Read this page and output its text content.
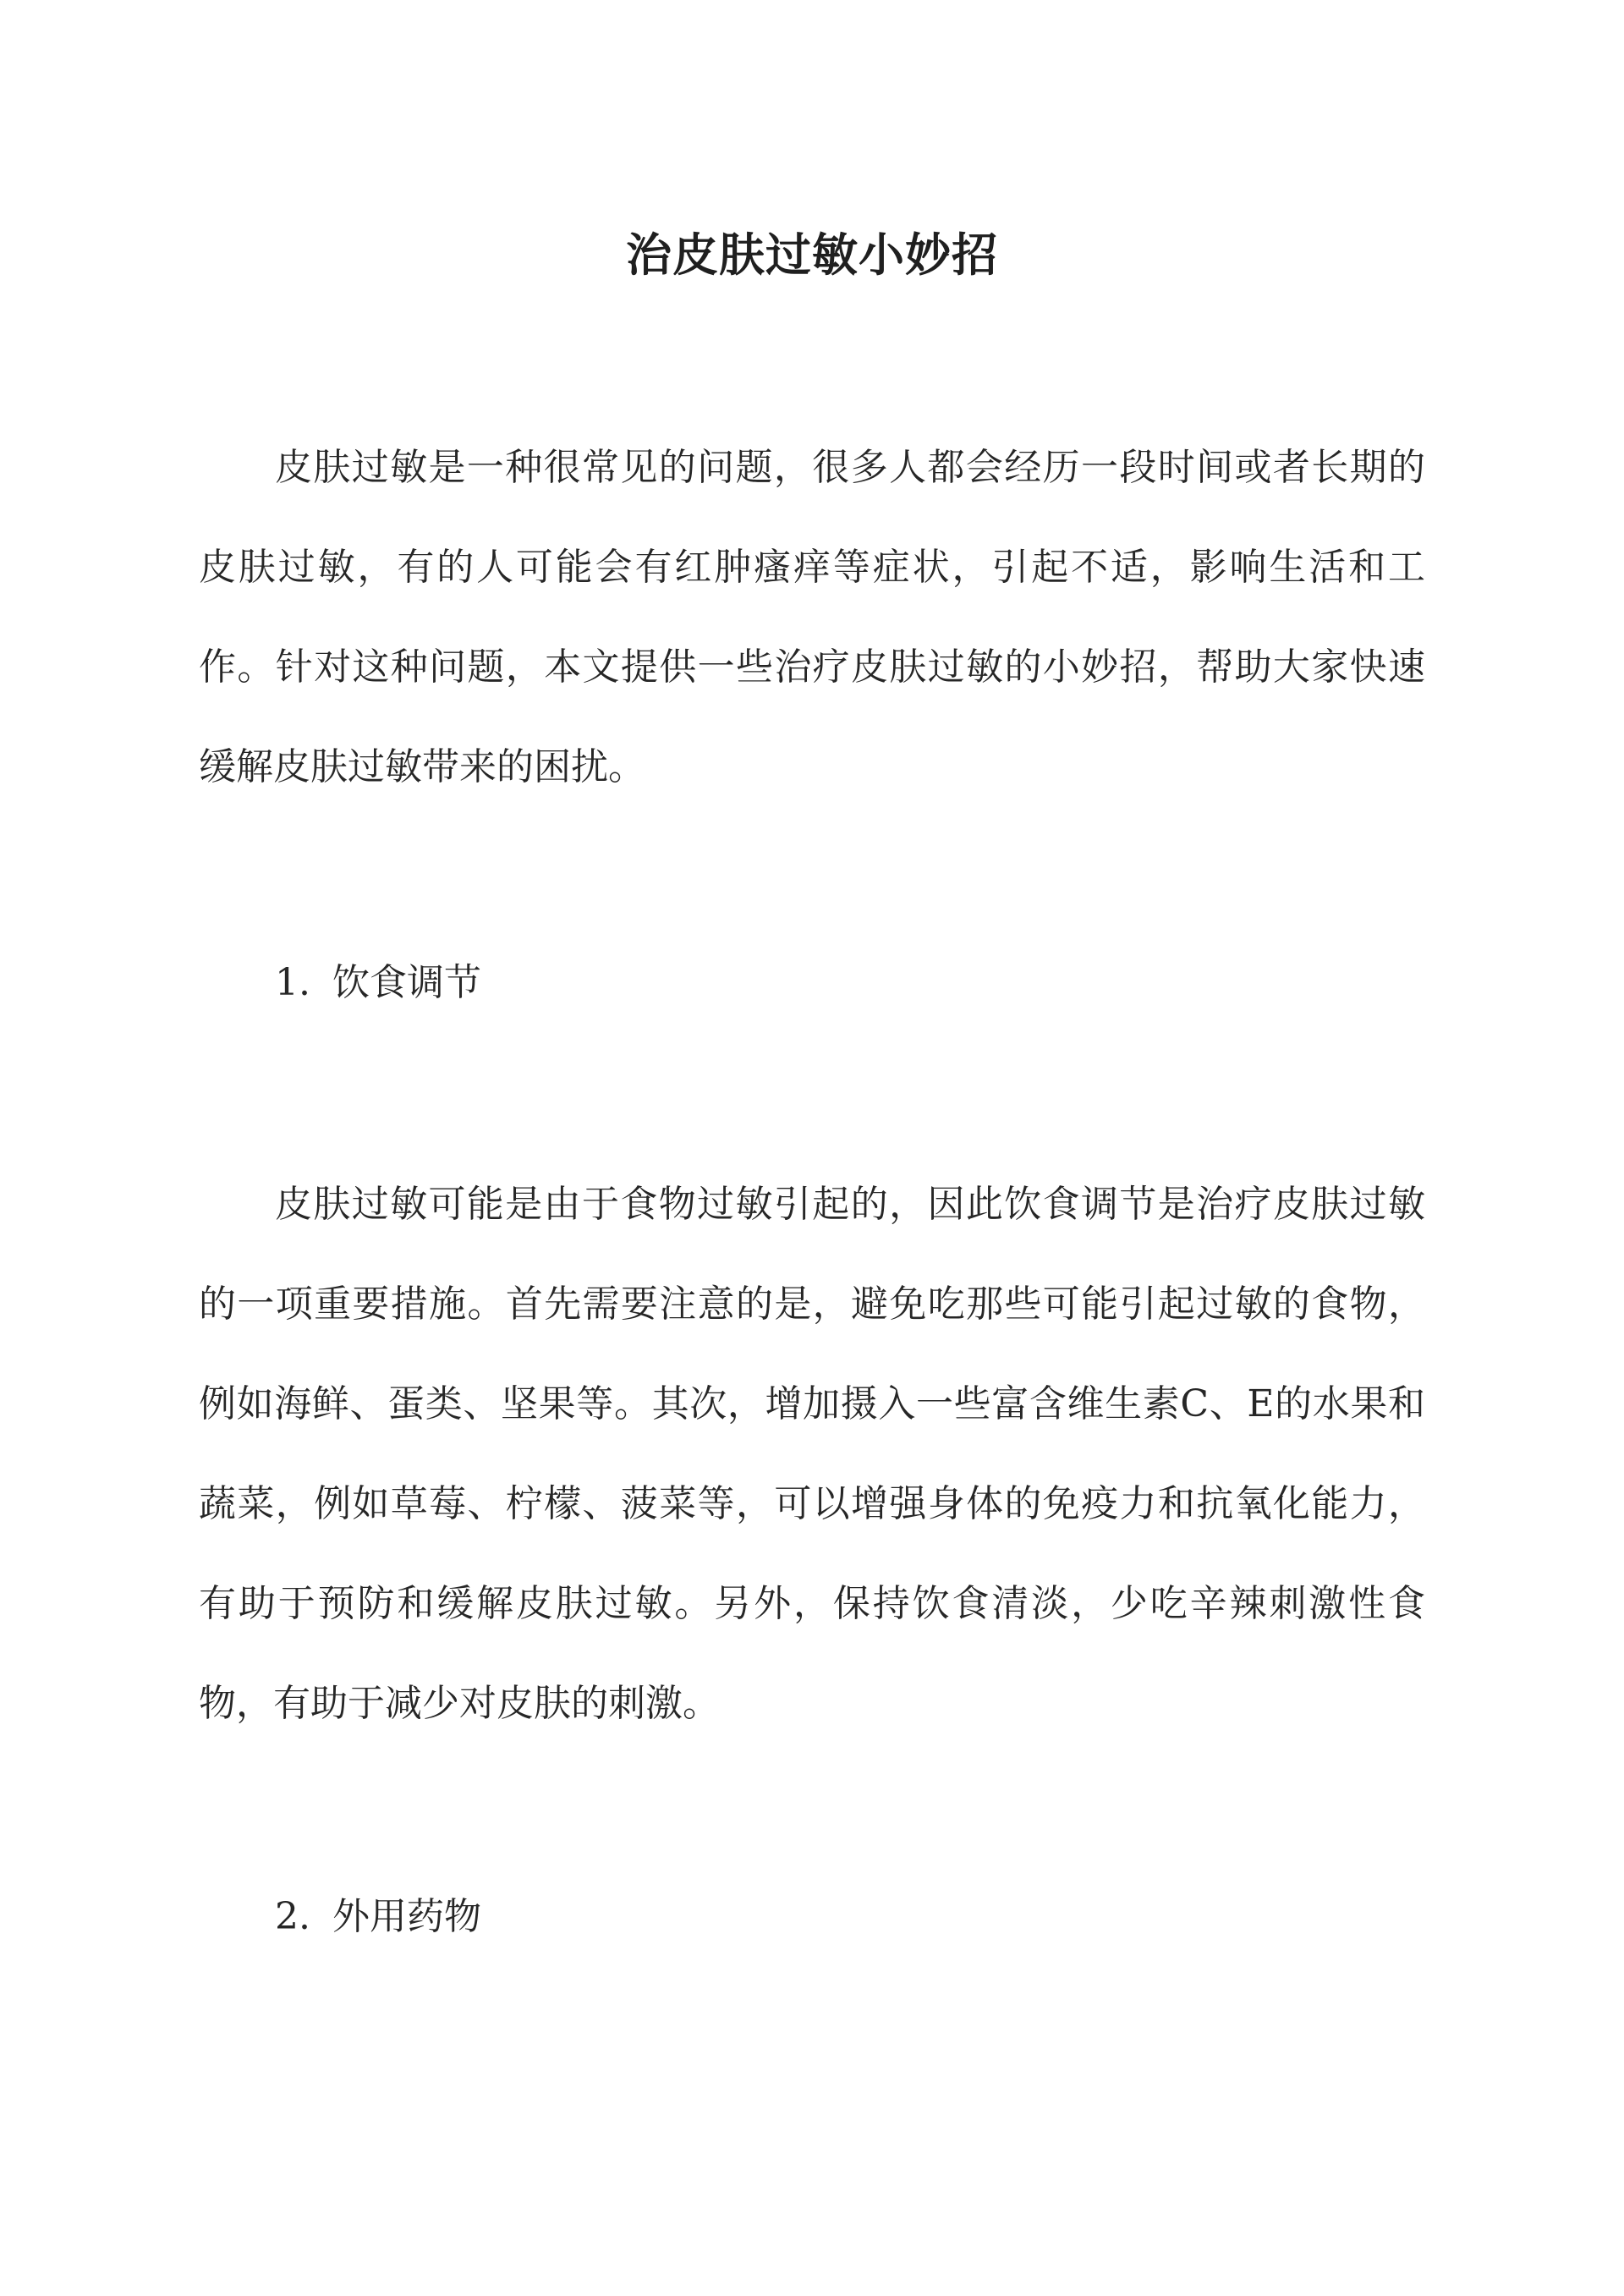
治皮肤过敏小妙招

皮肤过敏是一种很常见的问题，很多人都会经历一段时间或者长期的皮肤过敏，有的人可能会有红肿瘙痒等症状，引起不适，影响生活和工作。针对这种问题，本文提供一些治疗皮肤过敏的小妙招，帮助大家快速缓解皮肤过敏带来的困扰。

1. 饮食调节

皮肤过敏可能是由于食物过敏引起的，因此饮食调节是治疗皮肤过敏的一项重要措施。首先需要注意的是，避免吃那些可能引起过敏的食物，例如海鲜、蛋类、坚果等。其次，增加摄入一些富含维生素C、E的水果和蔬菜，例如草莓、柠檬、菠菜等，可以增强身体的免疫力和抗氧化能力，有助于预防和缓解皮肤过敏。另外，保持饮食清淡，少吃辛辣刺激性食物，有助于减少对皮肤的刺激。

2. 外用药物
